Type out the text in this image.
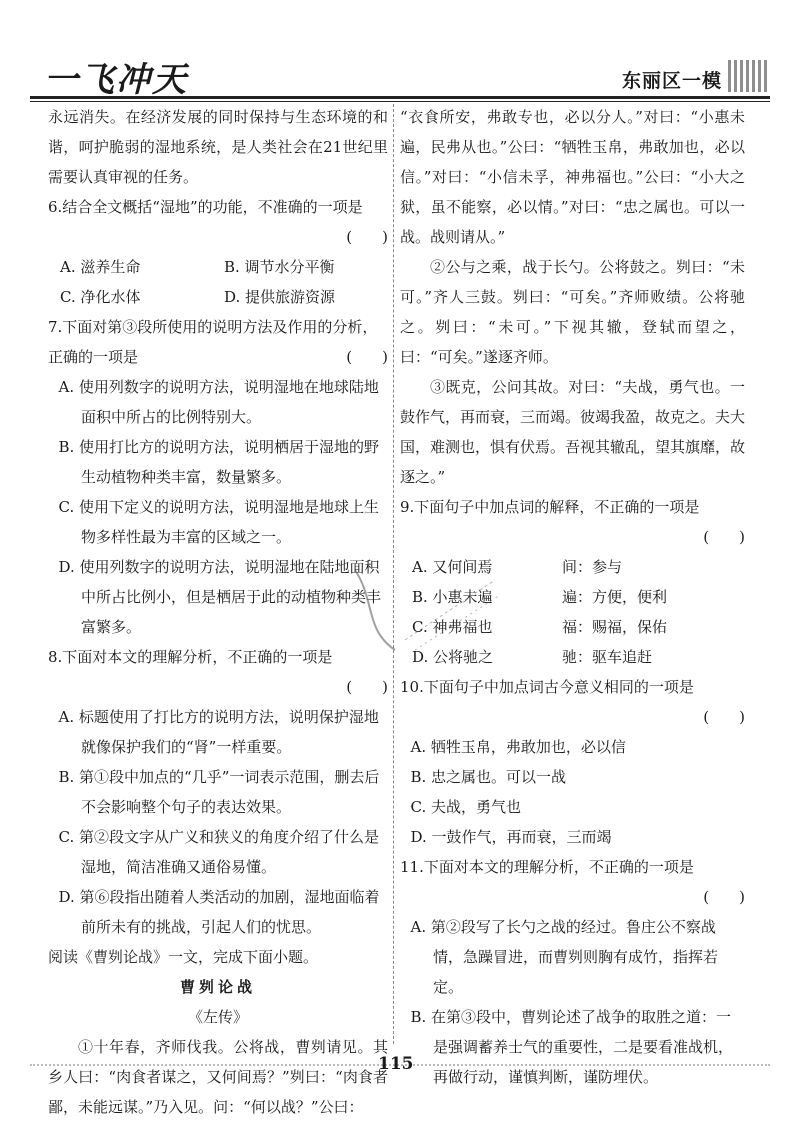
一飞冲天	东丽区一模

永远消失。在经济发展的同时保持与生态环境的和谐，呵护脆弱的湿地系统，是人类社会在21世纪里需要认真审视的任务。

6.结合全文概括“湿地”的功能，不准确的一项是

(　　)

A. 滋养生命	B. 调节水分平衡
C. 净化水体	D. 提供旅游资源

7.下面对第③段所使用的说明方法及作用的分析，正确的一项是	(　　)

A. 使用列数字的说明方法，说明湿地在地球陆地面积中所占的比例特别大。

B. 使用打比方的说明方法，说明栖居于湿地的野生动植物种类丰富，数量繁多。

C. 使用下定义的说明方法，说明湿地是地球上生物多样性最为丰富的区域之一。

D. 使用列数字的说明方法，说明湿地在陆地面积中所占比例小，但是栖居于此的动植物种类丰富繁多。

8.下面对本文的理解分析，不正确的一项是

(　　)

A. 标题使用了打比方的说明方法，说明保护湿地就像保护我们的“肾”一样重要。

B. 第①段中加点的“几乎”一词表示范围，删去后不会影响整个句子的表达效果。

C. 第②段文字从广义和狭义的角度介绍了什么是湿地，简洁准确又通俗易懂。

D. 第⑥段指出随着人类活动的加剧，湿地面临着前所未有的挑战，引起人们的忧思。

阅读《曹刿论战》一文，完成下面小题。

曹刿论战

《左传》

①十年春，齐师伐我。公将战，曹刿请见。其乡人曰：“肉食者谋之，又何间焉？”刿曰：“肉食者鄙，未能远谋。”乃入见。问：“何以战？”公曰：

“衣食所安，弗敢专也，必以分人。”对曰：“小惠未遍，民弗从也。”公曰：“牺牲玉帛，弗敢加也，必以信。”对曰：“小信未孚，神弗福也。”公曰：“小大之狱，虽不能察，必以情。”对曰：“忠之属也。可以一战。战则请从。”

②公与之乘，战于长勺。公将鼓之。刿曰：“未可。”齐人三鼓。刿曰：“可矣。”齐师败绩。公将驰之。刿曰：“未可。”下视其辙，登轼而望之，曰：“可矣。”遂逐齐师。

③既克，公问其故。对曰：“夫战，勇气也。一鼓作气，再而衰，三而竭。彼竭我盈，故克之。夫大国，难测也，惧有伏焉。吾视其辙乱，望其旗靡，故逐之。”

9.下面句子中加点词的解释，不正确的一项是

(　　)

A. 又何间焉	间：参与
B. 小惠未遍	遍：方便，便利
C. 神弗福也	福：赐福，保佑
D. 公将驰之	驰：驱车追赶

10.下面句子中加点词古今意义相同的一项是

(　　)

A. 牺牲玉帛，弗敢加也，必以信

B. 忠之属也。可以一战

C. 夫战，勇气也

D. 一鼓作气，再而衰，三而竭

11.下面对本文的理解分析，不正确的一项是

(　　)

A. 第②段写了长勺之战的经过。鲁庄公不察战情，急躁冒进，而曹刿则胸有成竹，指挥若定。

B. 在第③段中，曹刿论述了战争的取胜之道：一是强调蓄养士气的重要性，二是要看准战机，再做行动，谨慎判断，谨防埋伏。

115
